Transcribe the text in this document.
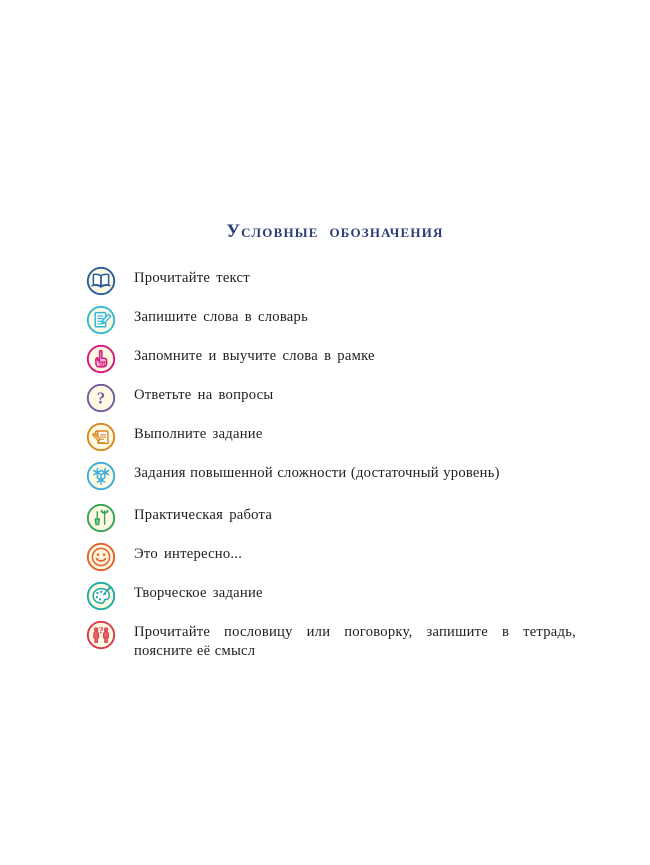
Условные обозначения
Прочитайте текст
Запишите слова в словарь
Запомните и выучите слова в рамке
? Ответьте на вопросы
Выполните задание
Задания повышенной сложности (достаточный уровень)
Практическая работа
Это интересно...
Творческое задание
? Прочитайте пословицу или поговорку, запишите в тетрадь, пояснитe её смысл
